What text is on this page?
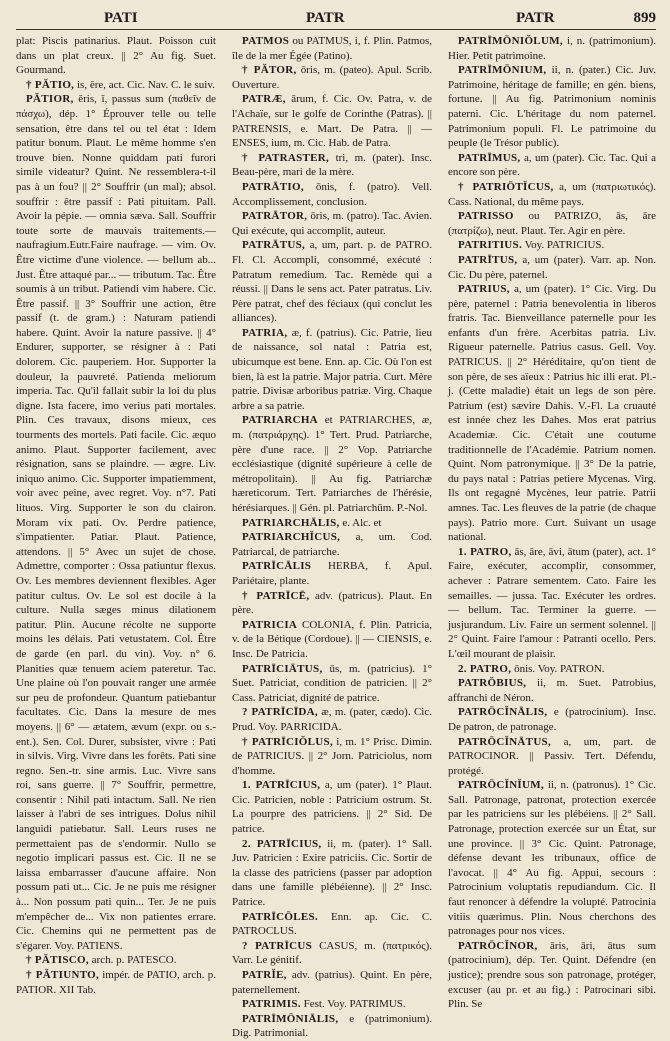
PATI	PATR	PATR	899

plat: Piscis patinarius. Plaut. Poisson cuit dans un plat creux. || 2° Au fig. Suet. Gourmand.

† PĂTIO, is, ĕre, act. Cic. Nav. C. le suiv.

PĂTIOR, ĕris, ĭ, passus sum (παθεῖν de πάσχω), dép. 1° Éprouver telle ou telle sensation, être dans tel ou tel état : Idem patitur bonum. Plaut. Le même homme s'en trouve bien. Nonne quiddam pati furori simile videatur? Quint. Ne ressemblera-t-il pas à un fou? || 2° Souffrir (un mal); absol. souffrir : être passif : Pati pituitam. Pall. Avoir la pépie. — omnia sæva. Sall. Souffrir toute sorte de mauvais traitements.—naufragium.Eutr.Faire naufrage. — vim. Ov. Être victime d'une violence. — bellum ab... Just. Être attaqué par... — tributum. Tac. Être soumis à un tribut. Patiendi vim habere. Cic. Être passif. || 3° Souffrir une action, être passif (t. de gram.) : Naturam patiendi habere. Quint. Avoir la nature passive. || 4° Endurer, supporter, se résigner à : Pati dolorem. Cic. pauperiem. Hor. Supporter la douleur, la pauvreté. Patienda meliorum imperia. Tac. Qu'il fallait subir la loi du plus digne. Ista facere, imo verius pati mortales. Plin. Ces travaux, disons mieux, ces tourments des mortels. Pati facile. Cic. æquo animo. Plaut. Supporter facilement, avec résignation, sans se plaindre. — ægre. Liv. iniquo animo. Cic. Supporter impatiemment, voir avec peine, avec regret. Voy. n°7. Pati lituos. Virg. Supporter le son du clairon. Moram vix pati. Ov. Perdre patience, s'impatienter. Patiar. Plaut. Patience, attendons. || 5° Avec un sujet de chose. Admettre, comporter : Ossa patiuntur flexus. Ov. Les membres deviennent flexibles. Ager patitur cultus. Ov. Le sol est docile à la culture. Nulla sæges minus dilationem patitur. Plin. Aucune récolte ne supporte moins les délais. Pati vetustatem. Col. Être de garde (en parl. du vin). Voy. n° 6. Planities quæ tenuem aciem pateretur. Tac. Une plaine où l'on pouvait ranger une armée sur peu de profondeur. Quantum patiebantur facultates. Cic. Dans la mesure de mes moyens. || 6° — ætatem, ævum (expr. ou s.-ent.). Sen. Col. Durer, subsister, vivre : Pati in silvis. Virg. Vivre dans les forêts. Pati sine regno. Sen.-tr. sine armis. Luc. Vivre sans roi, sans guerre. || 7° Souffrir, permettre, consentir : Nihil pati intactum. Sall. Ne rien laisser à l'abri de ses intrigues. Dolus nihil languidi patiebatur. Sall. Leurs ruses ne permettaient pas de s'endormir. Nullo se negotio implicari passus est. Cic. Il ne se laissa embarrasser d'aucune affaire. Non possum pati ut... Cic. Je ne puis me résigner à... Non possum pati quin... Ter. Je ne puis m'empêcher de... Vix non patientes errare. Cic. Chemins qui ne permettent pas de s'égarer. Voy. PATIENS.

† PĂTISCO, arch. p. PATESCO.

† PĂTIUNTO, impér. de PATIO, arch. p. PATIOR. XII Tab.

PATMOS ou PATMUS, i, f. Plin. Patmos, île de la mer Égée (Patino).

† PĂTOR, ōris, m. (pateo). Apul. Scrib. Ouverture.

PATRÆ, ārum, f. Cic. Ov. Patra, v. de l'Achaïe, sur le golfe de Corinthe (Patras). || PATRENSIS, e. Mart. De Patra. || — ENSES, ium, m. Cic. Hab. de Patra.

† PATRASTER, tri, m. (pater). Insc. Beau-père, mari de la mère.

PATRĀTIO, ōnis, f. (patro). Vell. Accomplissement, conclusion.

PATRĀTOR, ōris, m. (patro). Tac. Avien. Qui exécute, qui accomplit, auteur.

PATRĀTUS, a, um, part. p. de PATRO. Fl. Cl. Accompli, consommé, exécuté : Patratum remedium. Tac. Remède qui a réussi. || Dans le sens act. Pater patratus. Liv. Père patrat, chef des féciaux (qui conclut les alliances).

PATRIA, æ, f. (patrius). Cic. Patrie, lieu de naissance, sol natal : Patria est, ubicumque est bene. Enn. ap. Cic. Où l'on est bien, là est la patrie. Major patria. Curt. Mère patrie. Divisæ arboribus patriæ. Virg. Chaque arbre a sa patrie.

PATRIARCHA et PATRIARCHES, æ, m. (πατριάρχης). 1° Tert. Prud. Patriarche, père d'une race. || 2° Vop. Patriarche ecclésiastique (dignité supérieure à celle de métropolitain). || Au fig. Patriarchæ hæreticorum. Tert. Patriarches de l'hérésie, hérésiarques. || Gén. pl. Patriarchūm. P.-Nol.

PATRIARCHĀLIS, e. Alc. et

PATRIARCHĬCUS, a, um. Cod. Patriarcal, de patriarche.

PATRĪCĀLIS HERBA, f. Apul. Pariétaire, plante.

† PATRĪCĒ, adv. (patricus). Plaut. En père.

PATRICIA COLONIA, f. Plin. Patricia, v. de la Bétique (Cordoue). || — CIENSIS, e. Insc. De Patricia.

PATRĪCIĀTUS, ūs, m. (patricius). 1° Suet. Patriciat, condition de patricien. || 2° Cass. Patriciat, dignité de patrice.

? PATRĪCĪDA, æ, m. (pater, cædo). Cic. Prud. Voy. PARRICIDA.

† PATRĪCIŎLUS, i, m. 1° Prisc. Dimin. de PATRICIUS. || 2° Jorn. Patriciolus, nom d'homme.

1. PATRĪCIUS, a, um (pater). 1° Plaut. Cic. Patricien, noble : Patricium ostrum. St. La pourpre des patriciens. || 2° Sid. De patrice.

2. PATRĪCIUS, ii, m. (pater). 1° Sall. Juv. Patricien : Exire patriciis. Cic. Sortir de la classe des patriciens (passer par adoption dans une famille plébéienne). || 2° Insc. Patrice.

PATRĪCŌLES. Enn. ap. Cic. C. PATROCLUS.

? PATRĪCUS CASUS, m. (πατρικός). Varr. Le génitif.

PATRĬE, adv. (patrius). Quint. En père, paternellement.

PATRIMIS. Fest. Voy. PATRIMUS.

PATRĪMŌNIĀLIS, e (patrimonium). Dig. Patrimonial.

PATRĪMŌNIŎLUM, i, n. (patrimonium). Hier. Petit patrimoine.

PATRĪMŌNIUM, ii, n. (pater.) Cic. Juv. Patrimoine, héritage de famille; en gén. biens, fortune. || Au fig. Patrimonium nominis paterni. Cic. L'héritage du nom paternel. Patrimonium populi. Fl. Le patrimoine du peuple (le Trésor public).

PATRĪMUS, a, um (pater). Cic. Tac. Qui a encore son père.

† PATRIŌTĬCUS, a, um (πατριωτικός). Cass. National, du même pays.

PATRISSO ou PATRIZO, ās, āre (πατρίζω), neut. Plaut. Ter. Agir en père.

PATRITIUS. Voy. PATRICIUS.

PATRĪTUS, a, um (pater). Varr. ap. Non. Cic. Du père, paternel.

PATRIUS, a, um (pater). 1° Cic. Virg. Du père, paternel : Patria benevolentia in liberos fratris. Tac. Bienveillance paternelle pour les enfants d'un frère. Acerbitas patria. Liv. Rigueur paternelle. Patrius casus. Gell. Voy. PATRICUS. || 2° Héréditaire, qu'on tient de son père, de ses aïeux : Patrius hic illi erat. Pl.-j. (Cette maladie) était un legs de son père. Patrium (est) sævire Dahis. V.-Fl. La cruauté est innée chez les Dahes. Mos erat patrius Academiæ. Cic. C'était une coutume traditionnelle de l'Académie. Patrium nomen. Quint. Nom patronymique. || 3° De la patrie, du pays natal : Patrias petiere Mycenas. Virg. Ils ont regagné Mycènes, leur patrie. Patrii amnes. Tac. Les fleuves de la patrie (de chaque pays). Patrio more. Curt. Suivant un usage national.

1. PATRO, ās, āre, āvi, ātum (pater), act. 1° Faire, exécuter, accomplir, consommer, achever : Patrare sementem. Cato. Faire les semailles. — jussa. Tac. Exécuter les ordres. — bellum. Tac. Terminer la guerre. — jusjurandum. Liv. Faire un serment solennel. || 2° Quint. Faire l'amour : Patranti ocello. Pers. L'œil mourant de plaisir.

2. PATRO, ōnis. Voy. PATRON.

PATRŎBIUS, ii, m. Suet. Patrobius, affranchi de Néron.

PATRŌCĬNĀLIS, e (patrocinium). Insc. De patron, de patronage.

PATRŌCĬNĀTUS, a, um, part. de PATROCINOR. || Passiv. Tert. Défendu, protégé.

PATRŌCĬNĬUM, ii, n. (patronus). 1° Cic. Sall. Patronage, patronat, protection exercée par les patriciens sur les plébéiens. || 2° Sall. Patronage, protection exercée sur un État, sur une province. || 3° Cic. Quint. Patronage, défense devant les tribunaux, office de l'avocat. || 4° Au fig. Appui, secours : Patrocinium voluptatis repudiandum. Cic. Il faut renoncer à défendre la volupté. Patrocinia vitiis quærimus. Plin. Nous cherchons des patronages pour nos vices.

PATRŌCĬNOR, āris, āri, ātus sum (patrocinium), dép. Ter. Quint. Défendre (en justice); prendre sous son patronage, protéger, excuser (au pr. et au fig.) : Patrocinari sibi. Plin. Se
